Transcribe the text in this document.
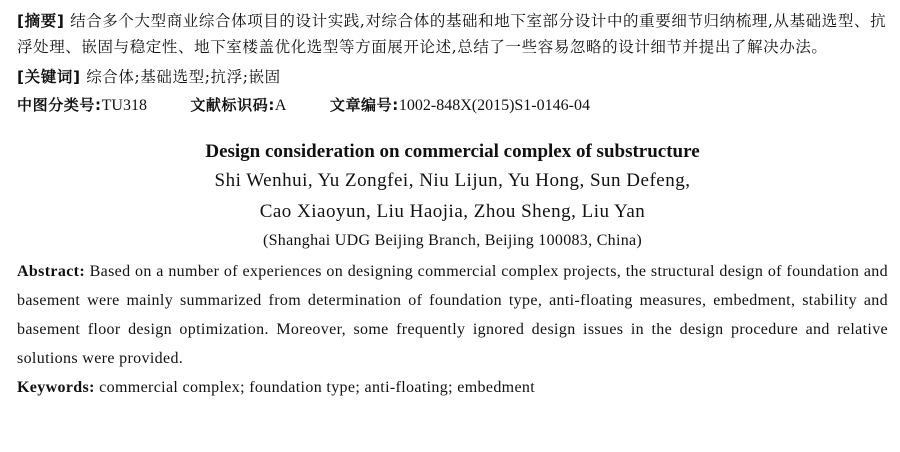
[摘要] 结合多个大型商业综合体项目的设计实践,对综合体的基础和地下室部分设计中的重要细节归纳梳理,从基础选型、抗浮处理、嵌固与稳定性、地下室楼盖优化选型等方面展开论述,总结了一些容易忽略的设计细节并提出了解决办法。
[关键词] 综合体;基础选型;抗浮;嵌固
中图分类号:TU318	文献标识码:A	文章编号:1002-848X(2015)S1-0146-04
Design consideration on commercial complex of substructure
Shi Wenhui, Yu Zongfei, Niu Lijun, Yu Hong, Sun Defeng,
Cao Xiaoyun, Liu Haojia, Zhou Sheng, Liu Yan
(Shanghai UDG Beijing Branch, Beijing 100083, China)
Abstract: Based on a number of experiences on designing commercial complex projects, the structural design of foundation and basement were mainly summarized from determination of foundation type, anti-floating measures, embedment, stability and basement floor design optimization. Moreover, some frequently ignored design issues in the design procedure and relative solutions were provided.
Keywords: commercial complex; foundation type; anti-floating; embedment
